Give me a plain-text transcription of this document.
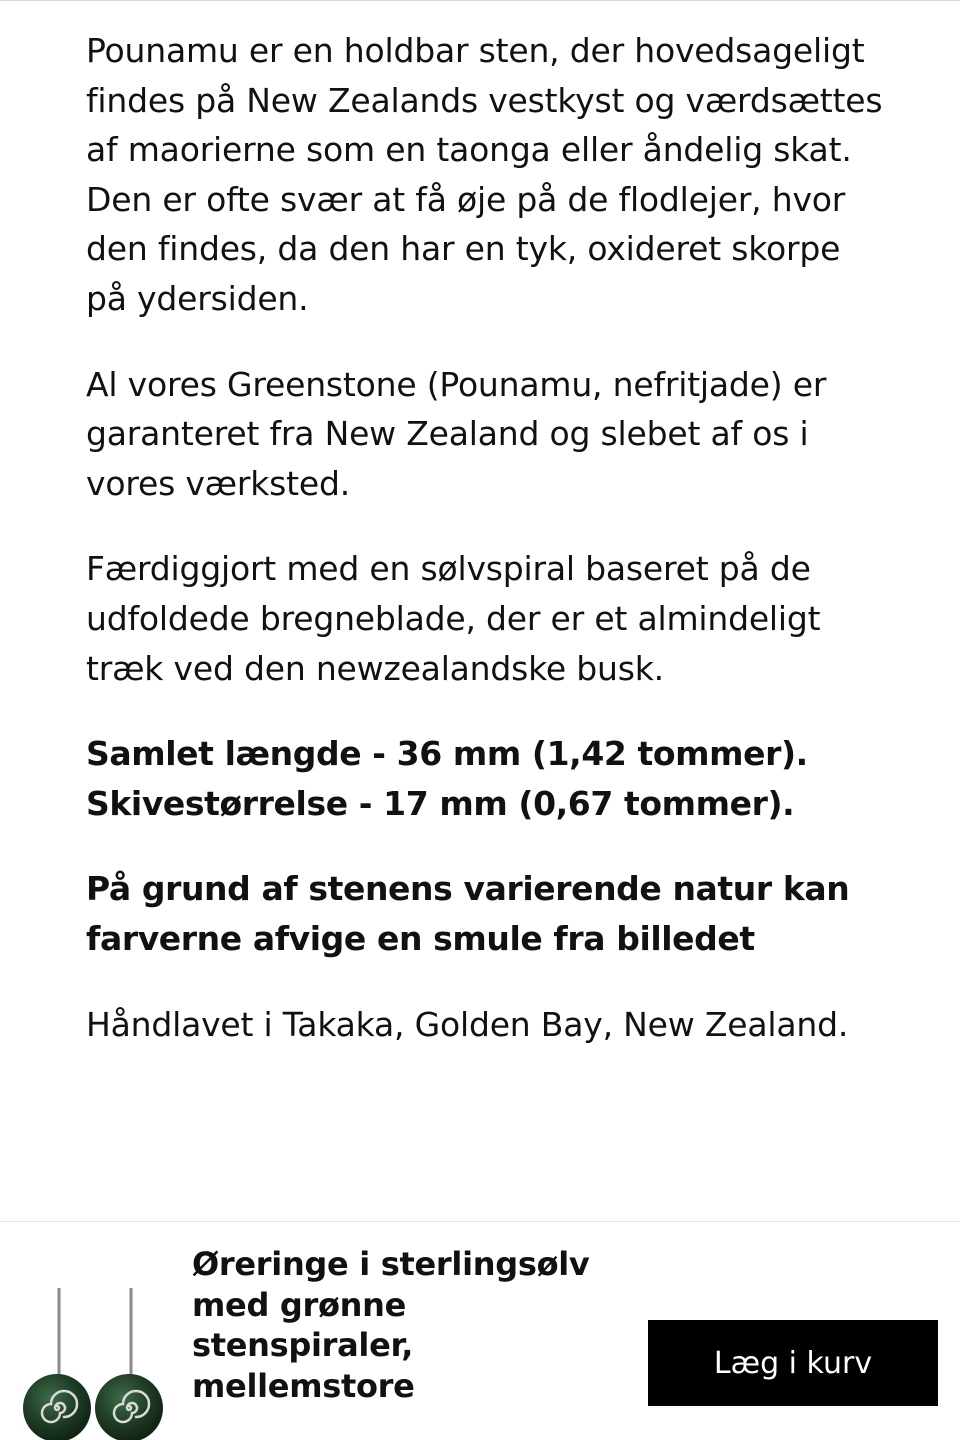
Pounamu er en holdbar sten, der hovedsageligt findes på New Zealands vestkyst og værdsættes af maorierne som en taonga eller åndelig skat. Den er ofte svær at få øje på de flodlejer, hvor den findes, da den har en tyk, oxideret skorpe på ydersiden.

Al vores Greenstone (Pounamu, nefritjade) er garanteret fra New Zealand og slebet af os i vores værksted.

Færdiggjort med en sølvspiral baseret på de udfoldede bregneblade, der er et almindeligt træk ved den newzealandske busk.

Samlet længde - 36 mm (1,42 tommer).
Skivestørrelse - 17 mm (0,67 tommer).

På grund af stenens varierende natur kan farverne afvige en smule fra billedet

Håndlavet i Takaka, Golden Bay, New Zealand.

Øreringe i sterlingsølv med grønne stenspiraler, mellemstore
Læg i kurv
